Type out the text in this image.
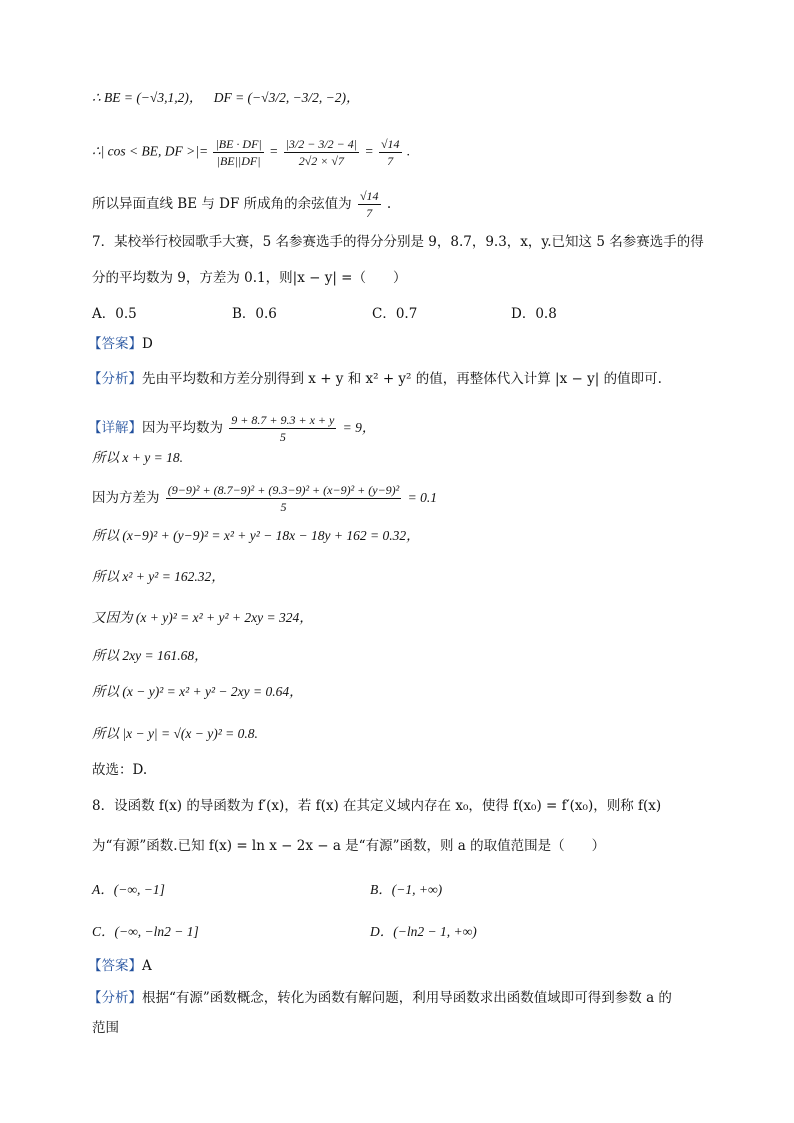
∴ BE = (−√3,1,2)， DF = (−√3/2, −3/2, −2)，
∴| cos < BE, DF >|= $\frac{|BE \cdot DF|}{|BE||DF|} = \frac{|3/2 - 3/2 - 4|}{2√2 \times √7} = \frac{√14}{7}$ .
所以异面直线 BE 与 DF 所成角的余弦值为 $\frac{√14}{7}$ .
7．某校举行校园歌手大赛，5 名参赛选手的得分分别是 9，8.7，9.3，x，y.已知这 5 名参赛选手的得
分的平均数为 9，方差为 0.1，则|x − y| =（　　）
A．0.5	B．0.6	C．0.7	D．0.8
【答案】D
【分析】先由平均数和方差分别得到 x + y 和 x² + y² 的值，再整体代入计算 |x − y| 的值即可.
【详解】因为平均数为 $\frac{9 + 8.7 + 9.3 + x + y}{5} = 9$，
所以 x + y = 18.
因为方差为 $\frac{\text{(9−9)² + (8.7−9)² + (9.3−9)² + (x−9)² + (y−9)²}}{5} = 0.1$
所以 (x−9)² + (y−9)² = x² + y² − 18x − 18y + 162 = 0.32，
所以 x² + y² = 162.32，
又因为 (x + y)² = x² + y² + 2xy = 324，
所以 2xy = 161.68，
所以 (x − y)² = x² + y² − 2xy = 0.64，
所以 |x − y| = √(x − y)² = 0.8.
故选：D.
8．设函数 f(x) 的导函数为 f′(x)，若 f(x) 在其定义域内存在 x₀，使得 f(x₀) = f′(x₀)，则称 f(x)
为“有源”函数.已知 f(x) = ln x − 2x − a 是“有源”函数，则 a 的取值范围是（　　）
A．(−∞, −1]	B．(−1, +∞)
C．(−∞, −ln2 − 1]	D．(−ln2 − 1, +∞)
【答案】A
【分析】根据“有源”函数概念，转化为函数有解问题，利用导函数求出函数值域即可得到参数 a 的
范围
